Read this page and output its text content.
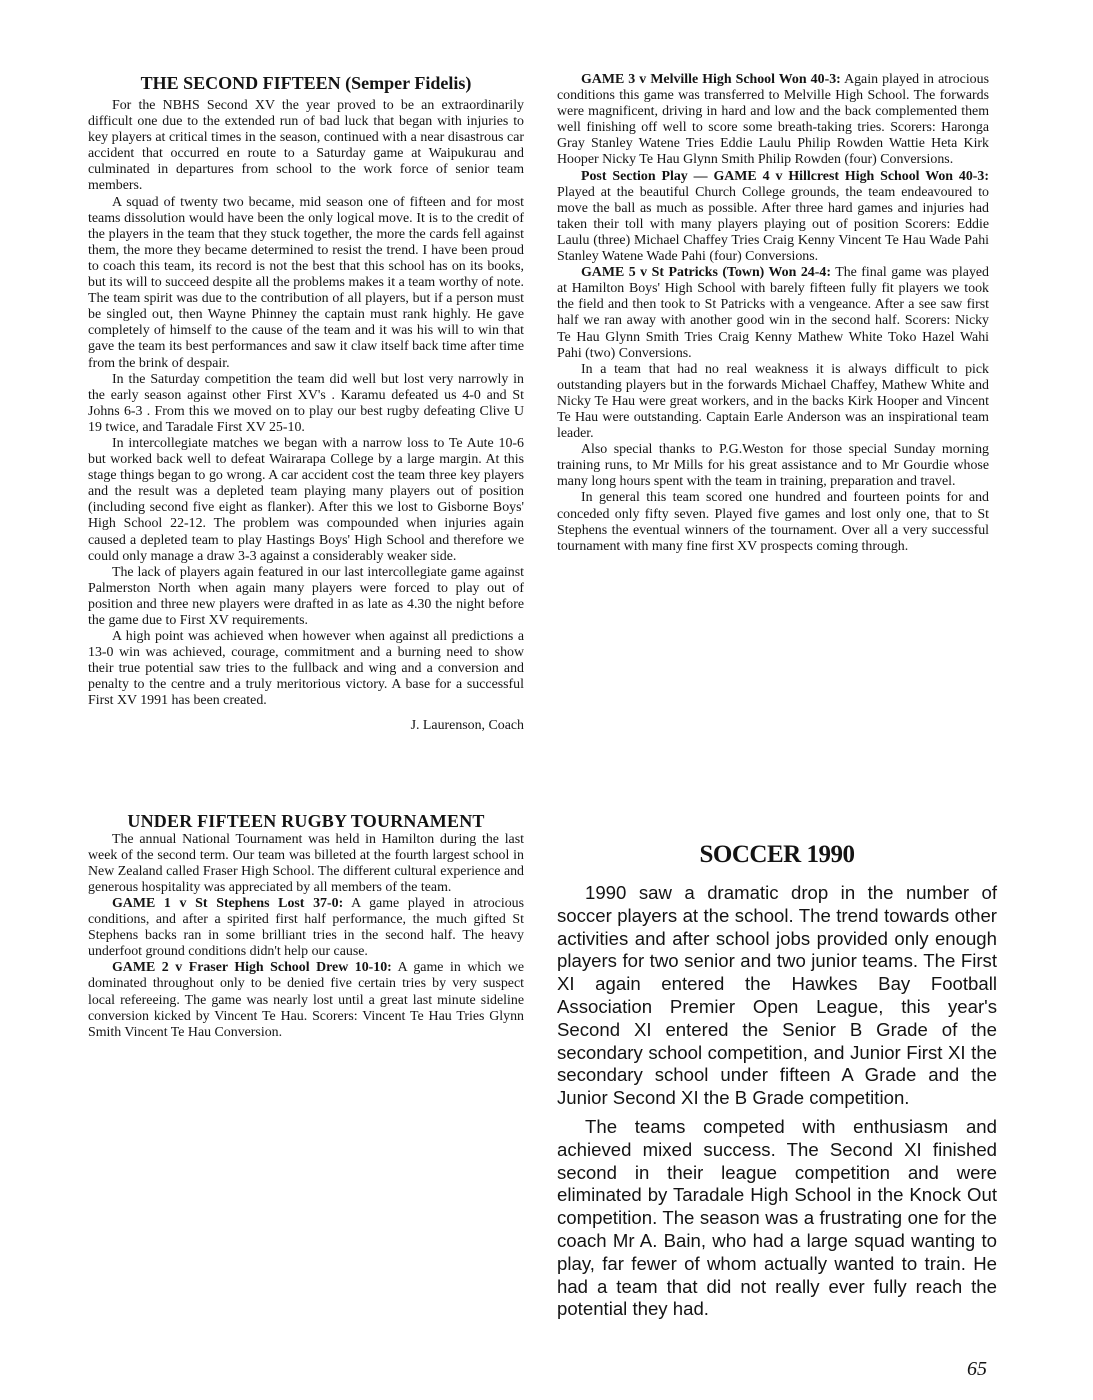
THE SECOND FIFTEEN (Semper Fidelis)

For the NBHS Second XV the year proved to be an extraordinarily difficult one due to the extended run of bad luck that began with injuries to key players at critical times in the season, continued with a near disastrous car accident that occurred en route to a Saturday game at Waipukurau and culminated in departures from school to the work force of senior team members.

A squad of twenty two became, mid season one of fifteen and for most teams dissolution would have been the only logical move. It is to the credit of the players in the team that they stuck together, the more the cards fell against them, the more they became determined to resist the trend. I have been proud to coach this team, its record is not the best that this school has on its books, but its will to succeed despite all the problems makes it a team worthy of note. The team spirit was due to the contribution of all players, but if a person must be singled out, then Wayne Phinney the captain must rank highly. He gave completely of himself to the cause of the team and it was his will to win that gave the team its best performances and saw it claw itself back time after time from the brink of despair.

In the Saturday competition the team did well but lost very narrowly in the early season against other First XV's . Karamu defeated us 4-0 and St Johns 6-3 . From this we moved on to play our best rugby defeating Clive U 19 twice, and Taradale First XV 25-10.

In intercollegiate matches we began with a narrow loss to Te Aute 10-6 but worked back well to defeat Wairarapa College by a large margin. At this stage things began to go wrong. A car accident cost the team three key players and the result was a depleted team playing many players out of position (including second five eight as flanker). After this we lost to Gisborne Boys' High School 22-12. The problem was compounded when injuries again caused a depleted team to play Hastings Boys' High School and therefore we could only manage a draw 3-3 against a considerably weaker side.

The lack of players again featured in our last intercollegiate game against Palmerston North when again many players were forced to play out of position and three new players were drafted in as late as 4.30 the night before the game due to First XV requirements.

A high point was achieved when however when against all predictions a 13-0 win was achieved, courage, commitment and a burning need to show their true potential saw tries to the fullback and wing and a conversion and penalty to the centre and a truly meritorious victory. A base for a successful First XV 1991 has been created.

J. Laurenson, Coach
UNDER FIFTEEN RUGBY TOURNAMENT

The annual National Tournament was held in Hamilton during the last week of the second term. Our team was billeted at the fourth largest school in New Zealand called Fraser High School. The different cultural experience and generous hospitality was appreciated by all members of the team.

GAME 1 v St Stephens Lost 37-0: A game played in atrocious conditions, and after a spirited first half performance, the much gifted St Stephens backs ran in some brilliant tries in the second half. The heavy underfoot ground conditions didn't help our cause.

GAME 2 v Fraser High School Drew 10-10: A game in which we dominated throughout only to be denied five certain tries by very suspect local refereeing. The game was nearly lost until a great last minute sideline conversion kicked by Vincent Te Hau. Scorers: Vincent Te Hau Tries Glynn Smith Vincent Te Hau Conversion.

GAME 3 v Melville High School Won 40-3: Again played in atrocious conditions this game was transferred to Melville High School. The forwards were magnificent, driving in hard and low and the back complemented them well finishing off well to score some breath-taking tries. Scorers: Haronga Gray Stanley Watene Tries Eddie Laulu Philip Rowden Wattie Heta Kirk Hooper Nicky Te Hau Glynn Smith Philip Rowden (four) Conversions.

Post Section Play — GAME 4 v Hillcrest High School Won 40-3: Played at the beautiful Church College grounds, the team endeavoured to move the ball as much as possible. After three hard games and injuries had taken their toll with many players playing out of position Scorers: Eddie Laulu (three) Michael Chaffey Tries Craig Kenny Vincent Te Hau Wade Pahi Stanley Watene Wade Pahi (four) Conversions.

GAME 5 v St Patricks (Town) Won 24-4: The final game was played at Hamilton Boys' High School with barely fifteen fully fit players we took the field and then took to St Patricks with a vengeance. After a see saw first half we ran away with another good win in the second half. Scorers: Nicky Te Hau Glynn Smith Tries Craig Kenny Mathew White Toko Hazel Wahi Pahi (two) Conversions.

In a team that had no real weakness it is always difficult to pick outstanding players but in the forwards Michael Chaffey, Mathew White and Nicky Te Hau were great workers, and in the backs Kirk Hooper and Vincent Te Hau were outstanding. Captain Earle Anderson was an inspirational team leader.

Also special thanks to P.G.Weston for those special Sunday morning training runs, to Mr Mills for his great assistance and to Mr Gourdie whose many long hours spent with the team in training, preparation and travel.

In general this team scored one hundred and fourteen points for and conceded only fifty seven. Played five games and lost only one, that to St Stephens the eventual winners of the tournament. Over all a very successful tournament with many fine first XV prospects coming through.

SOCCER 1990

1990 saw a dramatic drop in the number of soccer players at the school. The trend towards other activities and after school jobs provided only enough players for two senior and two junior teams. The First XI again entered the Hawkes Bay Football Association Premier Open League, this year's Second XI entered the Senior B Grade of the secondary school competition, and Junior First XI the secondary school under fifteen A Grade and the Junior Second XI the B Grade competition.

The teams competed with enthusiasm and achieved mixed success. The Second XI finished second in their league competition and were eliminated by Taradale High School in the Knock Out competition. The season was a frustrating one for the coach Mr A. Bain, who had a large squad wanting to play, far fewer of whom actually wanted to train. He had a team that did not really ever fully reach the potential they had.

65
